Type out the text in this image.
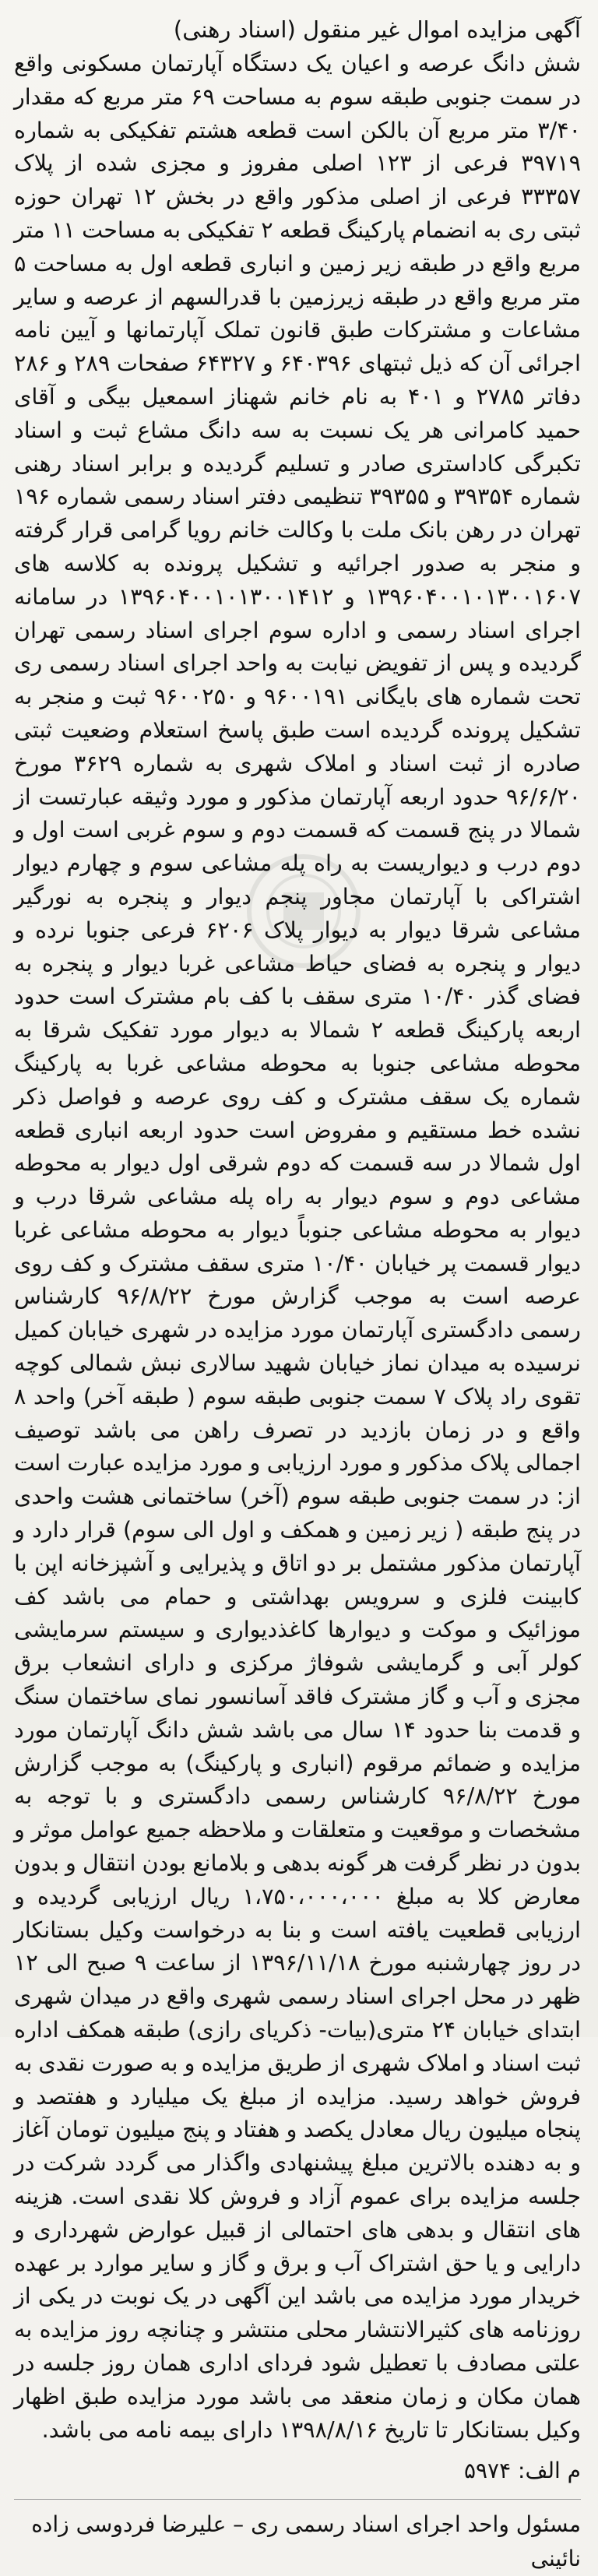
آگهی مزایده اموال غیر منقول (اسناد رهنی)

شش دانگ عرصه و اعیان یک دستگاه آپارتمان مسکونی واقع در سمت جنوبی طبقه سوم به مساحت ۶۹ متر مربع که مقدار ۳/۴۰ متر مربع آن بالکن است قطعه هشتم تفکیکی به شماره ۳۹۷۱۹ فرعی از ۱۲۳ اصلی مفروز و مجزی شده از پلاک ۳۳۳۵۷ فرعی از اصلی مذکور واقع در بخش ۱۲ تهران حوزه ثبتی ری به انضمام پارکینگ قطعه ۲ تفکیکی به مساحت ۱۱ متر مربع واقع در طبقه زیر زمین و انباری قطعه اول به مساحت ۵ متر مربع واقع در طبقه زیرزمین با قدرالسهم از عرصه و سایر مشاعات و مشترکات طبق قانون تملک آپارتمانها و آیین نامه اجرائی آن که ذیل ثبتهای ۶۴۰۳۹۶ و ۶۴۳۲۷ صفحات ۲۸۹ و ۲۸۶ دفاتر ۲۷۸۵ و ۴۰۱ به نام خانم شهناز اسمعیل بیگی و آقای حمید کامرانی هر یک نسبت به سه دانگ مشاع ثبت و اسناد تکبرگی کاداستری صادر و تسلیم گردیده و برابر اسناد رهنی شماره ۳۹۳۵۴ و ۳۹۳۵۵ تنظیمی دفتر اسناد رسمی شماره ۱۹۶ تهران در رهن بانک ملت با وکالت خانم رویا گرامی قرار گرفته و منجر به صدور اجرائیه و تشکیل پرونده به کلاسه های ۱۳۹۶۰۴۰۰۱۰۱۳۰۰۱۶۰۷ و ۱۳۹۶۰۴۰۰۱۰۱۳۰۰۱۴۱۲ در سامانه اجرای اسناد رسمی و اداره سوم اجرای اسناد رسمی تهران گردیده و پس از تفویض نیابت به واحد اجرای اسناد رسمی ری تحت شماره های بایگانی ۹۶۰۰۱۹۱ و ۹۶۰۰۲۵۰ ثبت و منجر به تشکیل پرونده گردیده است طبق پاسخ استعلام وضعیت ثبتی صادره از ثبت اسناد و املاک شهری به شماره ۳۶۲۹ مورخ ۹۶/۶/۲۰ حدود اربعه آپارتمان مذکور و مورد وثیقه عبارتست از شمالا در پنج قسمت که قسمت دوم و سوم غربی است اول و دوم درب و دیواریست به راه پله مشاعی سوم و چهارم دیوار اشتراکی با آپارتمان مجاور پنجم دیوار و پنجره به نورگیر مشاعی شرقا دیوار به دیوار پلاک ۶۲۰۶ فرعی جنوبا نرده و دیوار و پنجره به فضای حیاط مشاعی غربا دیوار و پنجره به فضای گذر ۱۰/۴۰ متری سقف با کف بام مشترک است حدود اربعه پارکینگ قطعه ۲ شمالا به دیوار مورد تفکیک شرقا به محوطه مشاعی جنوبا به محوطه مشاعی غربا به پارکینگ شماره یک سقف مشترک و کف روی عرصه و فواصل ذکر نشده خط مستقیم و مفروض است حدود اربعه انباری قطعه اول شمالا در سه قسمت که دوم شرقی اول دیوار به محوطه مشاعی دوم و سوم دیوار به راه پله مشاعی شرقا درب و دیوار به محوطه مشاعی جنوباً دیوار به محوطه مشاعی غربا دیوار قسمت پر خیابان ۱۰/۴۰ متری سقف مشترک و کف روی عرصه است به موجب گزارش مورخ ۹۶/۸/۲۲ کارشناس رسمی دادگستری آپارتمان مورد مزایده در شهری خیابان کمیل نرسیده به میدان نماز خیابان شهید سالاری نبش شمالی کوچه تقوی راد پلاک ۷ سمت جنوبی طبقه سوم ( طبقه آخر) واحد ۸ واقع و در زمان بازدید در تصرف راهن می باشد توصیف اجمالی پلاک مذکور و مورد ارزیابی و مورد مزایده عبارت است از: در سمت جنوبی طبقه سوم (آخر) ساختمانی هشت واحدی در پنج طبقه ( زیر زمین و همکف و اول الی سوم) قرار دارد و آپارتمان مذکور مشتمل بر دو اتاق و پذیرایی و آشپزخانه اپن با کابینت فلزی و سرویس بهداشتی و حمام می باشد کف موزائیک و موکت و دیوارها کاغذدیواری و سیستم سرمایشی کولر آبی و گرمایشی شوفاژ مرکزی و دارای انشعاب برق مجزی و آب و گاز مشترک فاقد آسانسور نمای ساختمان سنگ و قدمت بنا حدود ۱۴ سال می باشد شش دانگ آپارتمان مورد مزایده و ضمائم مرقوم (انباری و پارکینگ) به موجب گزارش مورخ ۹۶/۸/۲۲ کارشناس رسمی دادگستری و با توجه به مشخصات و موقعیت و متعلقات و ملاحظه جمیع عوامل موثر و بدون در نظر گرفت هر گونه بدهی و بلامانع بودن انتقال و بدون معارض کلا به مبلغ ۱،۷۵۰،۰۰۰،۰۰۰ ریال ارزیابی گردیده و ارزیابی قطعیت یافته است و بنا به درخواست وکیل بستانکار در روز چهارشنبه مورخ ۱۳۹۶/۱۱/۱۸ از ساعت ۹ صبح الی ۱۲ ظهر در محل اجرای اسناد رسمی شهری واقع در میدان شهری ابتدای خیابان ۲۴ متری(بیات- ذکریای رازی) طبقه همکف اداره ثبت اسناد و املاک شهری از طریق مزایده و به صورت نقدی به فروش خواهد رسید. مزایده از مبلغ یک میلیارد و هفتصد و پنجاه میلیون ریال معادل یکصد و هفتاد و پنج میلیون تومان آغاز و به دهنده بالاترین مبلغ پیشنهادی واگذار می گردد شرکت در جلسه مزایده برای عموم آزاد و فروش کلا نقدی است. هزینه های انتقال و بدهی های احتمالی از قبیل عوارض شهرداری و دارایی و یا حق اشتراک آب و برق و گاز و سایر موارد بر عهده خریدار مورد مزایده می باشد این آگهی در یک نوبت در یکی از روزنامه های کثیرالانتشار محلی منتشر و چنانچه روز مزایده به علتی مصادف با تعطیل شود فردای اداری همان روز جلسه در همان مکان و زمان منعقد می باشد مورد مزایده طبق اظهار وکیل بستانکار تا تاریخ ۱۳۹۸/۸/۱۶ دارای بیمه نامه می باشد.

م الف: ۵۹۷۴
مسئول واحد اجرای اسناد رسمی ری – علیرضا فردوسی زاده نائینی
